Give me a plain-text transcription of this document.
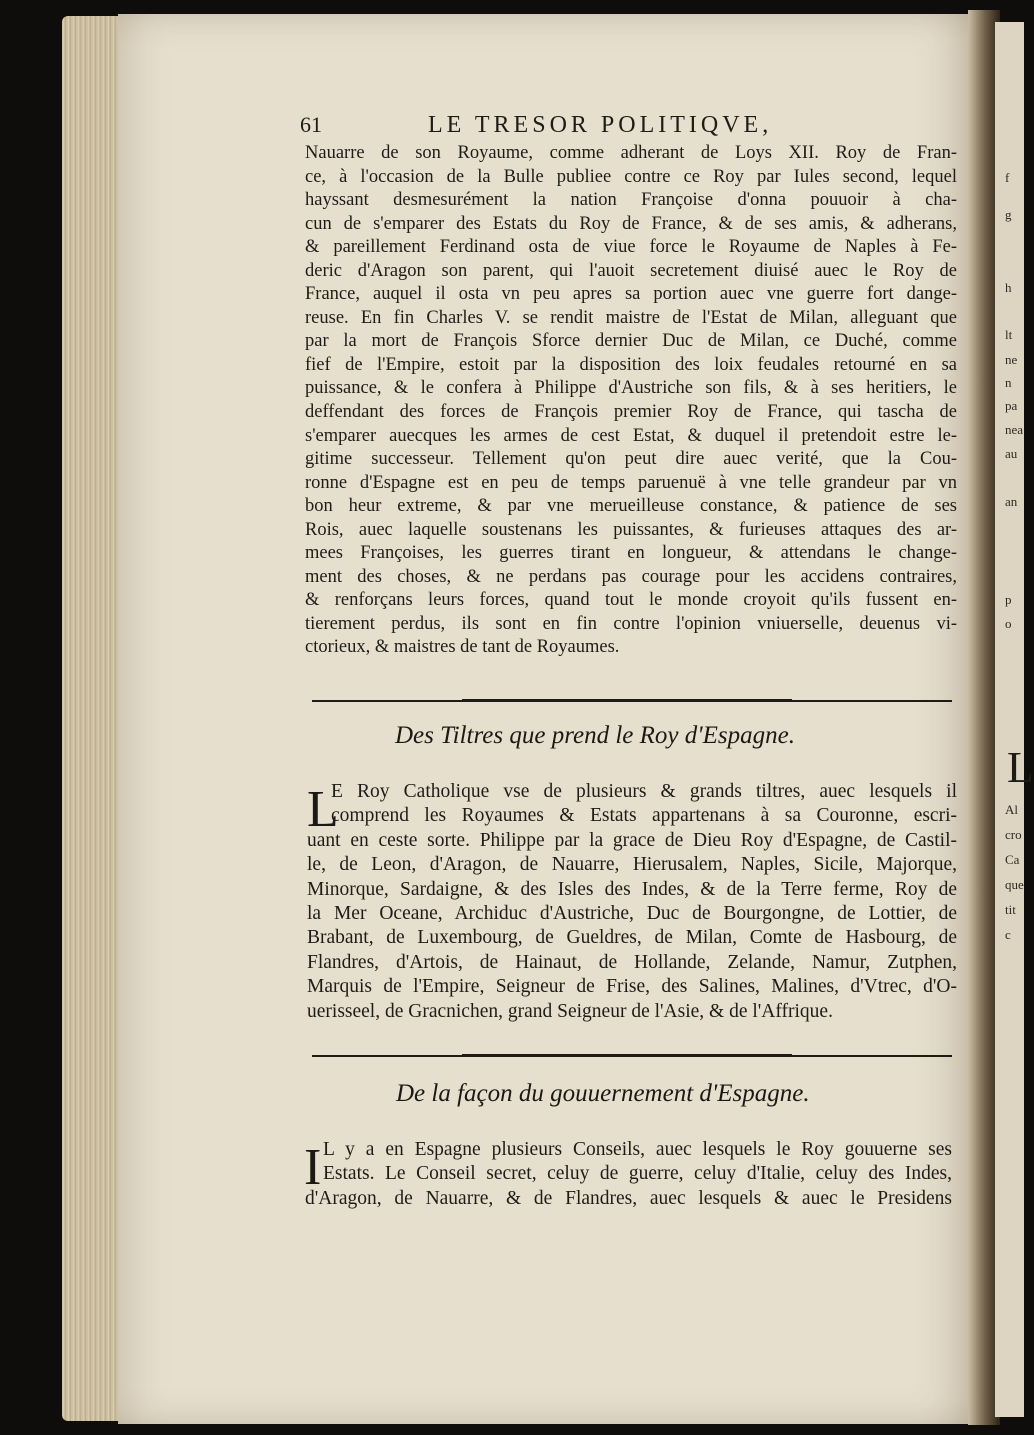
f
g
h
lt
ne
n
pa
nea
au
an
p
o
L
Al
cro
Ca
que
tit
c
61	LE TRESOR POLITIQVE,
Nauarre de son Royaume, comme adherant de Loys XII. Roy de Fran-
ce, à l'occasion de la Bulle publiee contre ce Roy par Iules second, lequel
hayssant desmesurément la nation Françoise d'onna pouuoir à cha-
cun de s'emparer des Estats du Roy de France, & de ses amis, & adherans,
& pareillement Ferdinand osta de viue force le Royaume de Naples à Fe-
deric d'Aragon son parent, qui l'auoit secretement diuisé auec le Roy de
France, auquel il osta vn peu apres sa portion auec vne guerre fort dange-
reuse. En fin Charles V. se rendit maistre de l'Estat de Milan, alleguant que
par la mort de François Sforce dernier Duc de Milan, ce Duché, comme
fief de l'Empire, estoit par la disposition des loix feudales retourné en sa
puissance, & le confera à Philippe d'Austriche son fils, & à ses heritiers, le
deffendant des forces de François premier Roy de France, qui tascha de
s'emparer auecques les armes de cest Estat, & duquel il pretendoit estre le-
gitime successeur. Tellement qu'on peut dire auec verité, que la Cou-
ronne d'Espagne est en peu de temps paruenuë à vne telle grandeur par vn
bon heur extreme, & par vne merueilleuse constance, & patience de ses
Rois, auec laquelle soustenans les puissantes, & furieuses attaques des ar-
mees Françoises, les guerres tirant en longueur, & attendans le change-
ment des choses, & ne perdans pas courage pour les accidens contraires,
& renforçans leurs forces, quand tout le monde croyoit qu'ils fussent en-
tierement perdus, ils sont en fin contre l'opinion vniuerselle, deuenus vi-
ctorieux, & maistres de tant de Royaumes.
Des Tiltres que prend le Roy d'Espagne.
L
E Roy Catholique vse de plusieurs & grands tiltres, auec lesquels il
comprend les Royaumes & Estats appartenans à sa Couronne, escri-
uant en ceste sorte. Philippe par la grace de Dieu Roy d'Espagne, de Castil-
le, de Leon, d'Aragon, de Nauarre, Hierusalem, Naples, Sicile, Majorque,
Minorque, Sardaigne, & des Isles des Indes, & de la Terre ferme, Roy de
la Mer Oceane, Archiduc d'Austriche, Duc de Bourgongne, de Lottier, de
Brabant, de Luxembourg, de Gueldres, de Milan, Comte de Hasbourg, de
Flandres, d'Artois, de Hainaut, de Hollande, Zelande, Namur, Zutphen,
Marquis de l'Empire, Seigneur de Frise, des Salines, Malines, d'Vtrec, d'O-
uerisseel, de Gracnichen, grand Seigneur de l'Asie, & de l'Affrique.
De la façon du gouuernement d'Espagne.
I L y a en Espagne plusieurs Conseils, auec lesquels le Roy gouuerne ses
Estats. Le Conseil secret, celuy de guerre, celuy d'Italie, celuy des Indes,
d'Aragon, de Nauarre, & de Flandres, auec lesquels & auec le Presidens
